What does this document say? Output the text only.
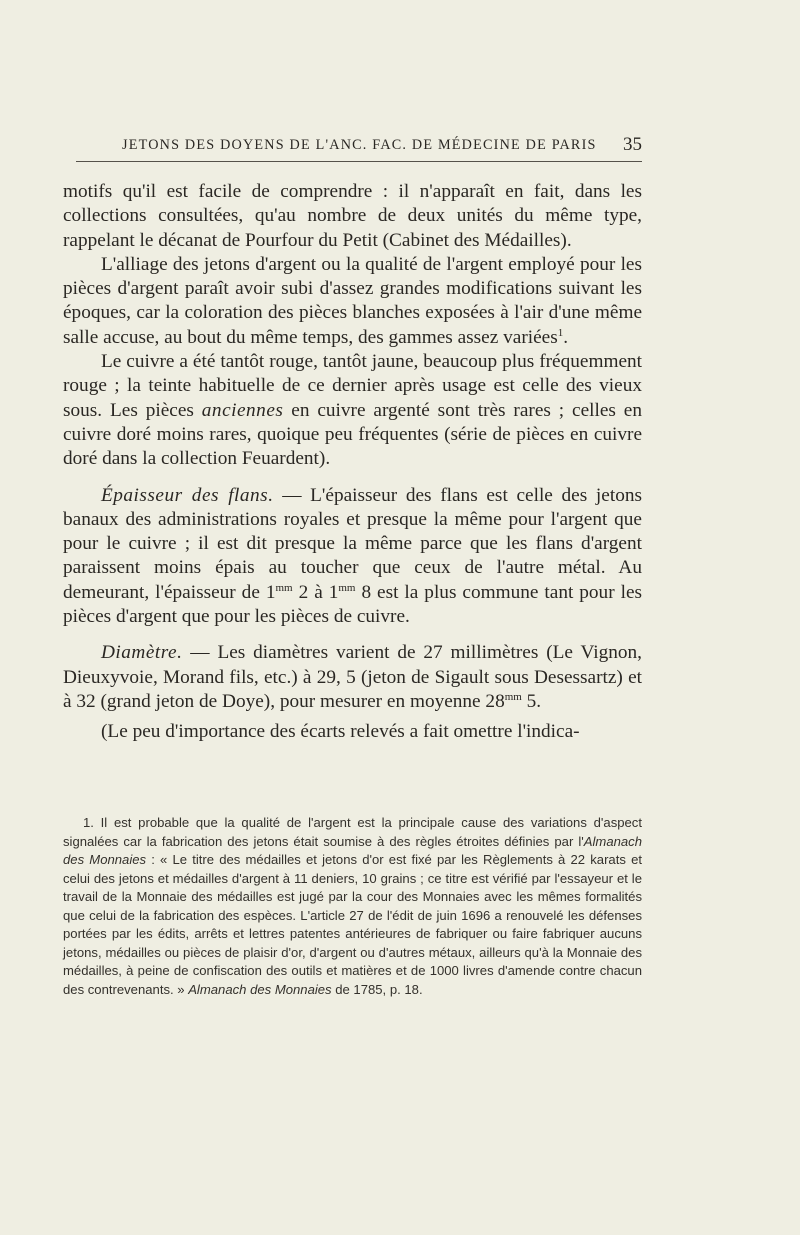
JETONS DES DOYENS DE L'ANC. FAC. DE MÉDECINE DE PARIS 35

motifs qu'il est facile de comprendre : il n'apparaît en fait, dans les collections consultées, qu'au nombre de deux unités du même type, rappelant le décanat de Pourfour du Petit (Cabinet des Médailles).

L'alliage des jetons d'argent ou la qualité de l'argent employé pour les pièces d'argent paraît avoir subi d'assez grandes modifications suivant les époques, car la coloration des pièces blanches exposées à l'air d'une même salle accuse, au bout du même temps, des gammes assez variées$^1$.

Le cuivre a été tantôt rouge, tantôt jaune, beaucoup plus fréquemment rouge ; la teinte habituelle de ce dernier après usage est celle des vieux sous. Les pièces anciennes en cuivre argenté sont très rares ; celles en cuivre doré moins rares, quoique peu fréquentes (série de pièces en cuivre doré dans la collection Feuardent).

Épaisseur des flans. — L'épaisseur des flans est celle des jetons banaux des administrations royales et presque la même pour l'argent que pour le cuivre ; il est dit presque la même parce que les flans d'argent paraissent moins épais au toucher que ceux de l'autre métal. Au demeurant, l'épaisseur de $1^{mm}$ 2 à $1^{mm}$ 8 est la plus commune tant pour les pièces d'argent que pour les pièces de cuivre.

Diamètre. — Les diamètres varient de 27 millimètres (Le Vignon, Dieuxyvoie, Morand fils, etc.) à 29, 5 (jeton de Sigault sous Desessartz) et à 32 (grand jeton de Doye), pour mesurer en moyenne $28^{mm}$ 5.

(Le peu d'importance des écarts relevés a fait omettre l'indica-

1. Il est probable que la qualité de l'argent est la principale cause des variations d'aspect signalées car la fabrication des jetons était soumise à des règles étroites définies par l'Almanach des Monnaies : « Le titre des médailles et jetons d'or est fixé par les Règlements à 22 karats et celui des jetons et médailles d'argent à 11 deniers, 10 grains ; ce titre est vérifié par l'essayeur et le travail de la Monnaie des médailles est jugé par la cour des Monnaies avec les mêmes formalités que celui de la fabrication des espèces. L'article 27 de l'édit de juin 1696 a renouvelé les défenses portées par les édits, arrêts et lettres patentes antérieures de fabriquer ou faire fabriquer aucuns jetons, médailles ou pièces de plaisir d'or, d'argent ou d'autres métaux, ailleurs qu'à la Monnaie des médailles, à peine de confiscation des outils et matières et de 1000 livres d'amende contre chacun des contrevenants. » Almanach des Monnaies de 1785, p. 18.
